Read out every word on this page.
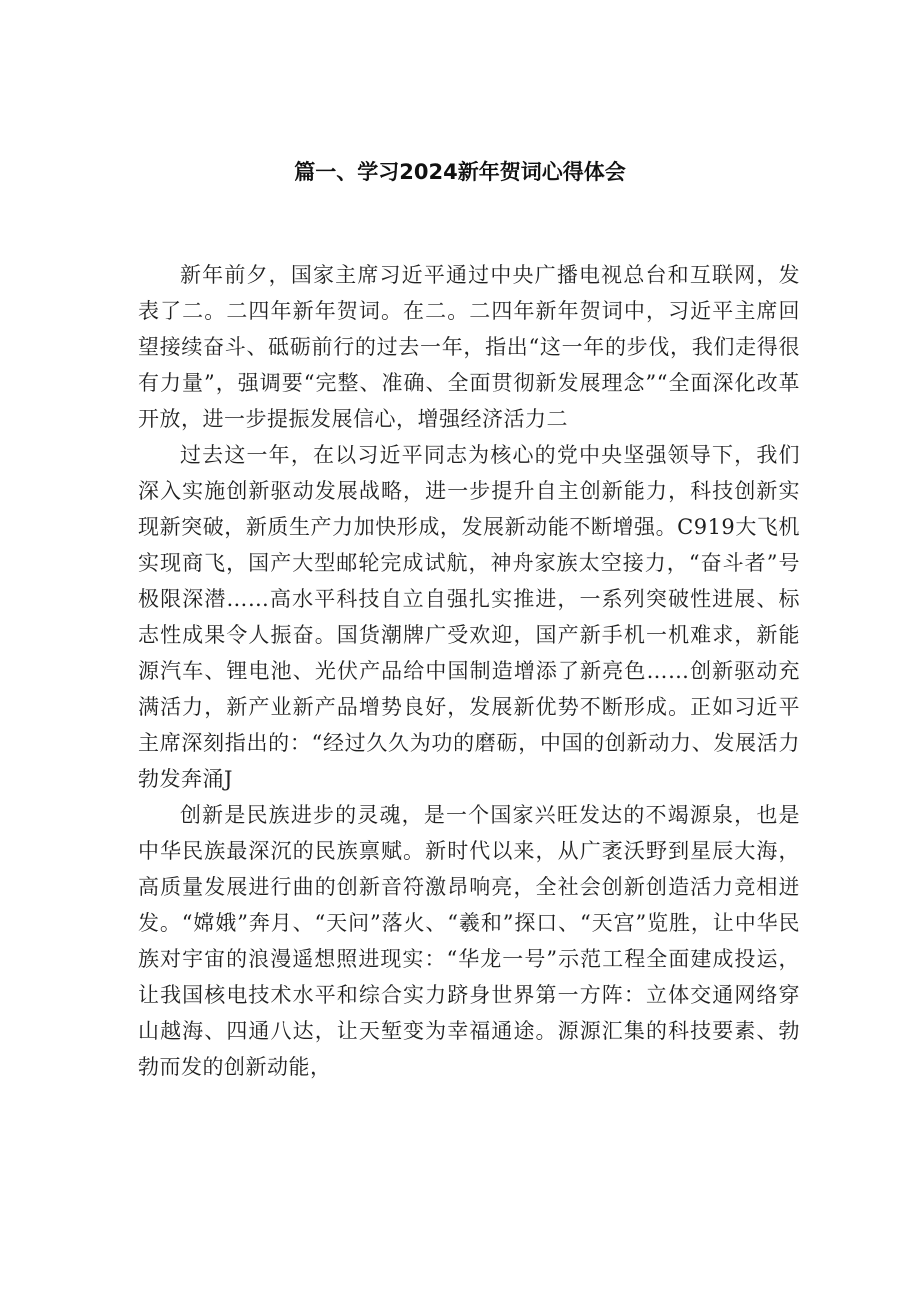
篇一、学习2024新年贺词心得体会

新年前夕，国家主席习近平通过中央广播电视总台和互联网，发表了二。二四年新年贺词。在二。二四年新年贺词中，习近平主席回望接续奋斗、砥砺前行的过去一年，指出“这一年的步伐，我们走得很有力量”，强调要“完整、准确、全面贯彻新发展理念”“全面深化改革开放，进一步提振发展信心，增强经济活力二

过去这一年，在以习近平同志为核心的党中央坚强领导下，我们深入实施创新驱动发展战略，进一步提升自主创新能力，科技创新实现新突破，新质生产力加快形成，发展新动能不断增强。C919大飞机实现商飞，国产大型邮轮完成试航，神舟家族太空接力，“奋斗者”号极限深潜……高水平科技自立自强扎实推进，一系列突破性进展、标志性成果令人振奋。国货潮牌广受欢迎，国产新手机一机难求，新能源汽车、锂电池、光伏产品给中国制造增添了新亮色……创新驱动充满活力，新产业新产品增势良好，发展新优势不断形成。正如习近平主席深刻指出的：“经过久久为功的磨砺，中国的创新动力、发展活力勃发奔涌J

创新是民族进步的灵魂，是一个国家兴旺发达的不竭源泉，也是中华民族最深沉的民族禀赋。新时代以来，从广袤沃野到星辰大海，高质量发展进行曲的创新音符激昂响亮，全社会创新创造活力竞相迸发。“嫦娥”奔月、“天问”落火、“羲和”探口、“天宫”览胜，让中华民族对宇宙的浪漫遥想照进现实：“华龙一号”示范工程全面建成投运，让我国核电技术水平和综合实力跻身世界第一方阵：立体交通网络穿山越海、四通八达，让天堑变为幸福通途。源源汇集的科技要素、勃勃而发的创新动能，
